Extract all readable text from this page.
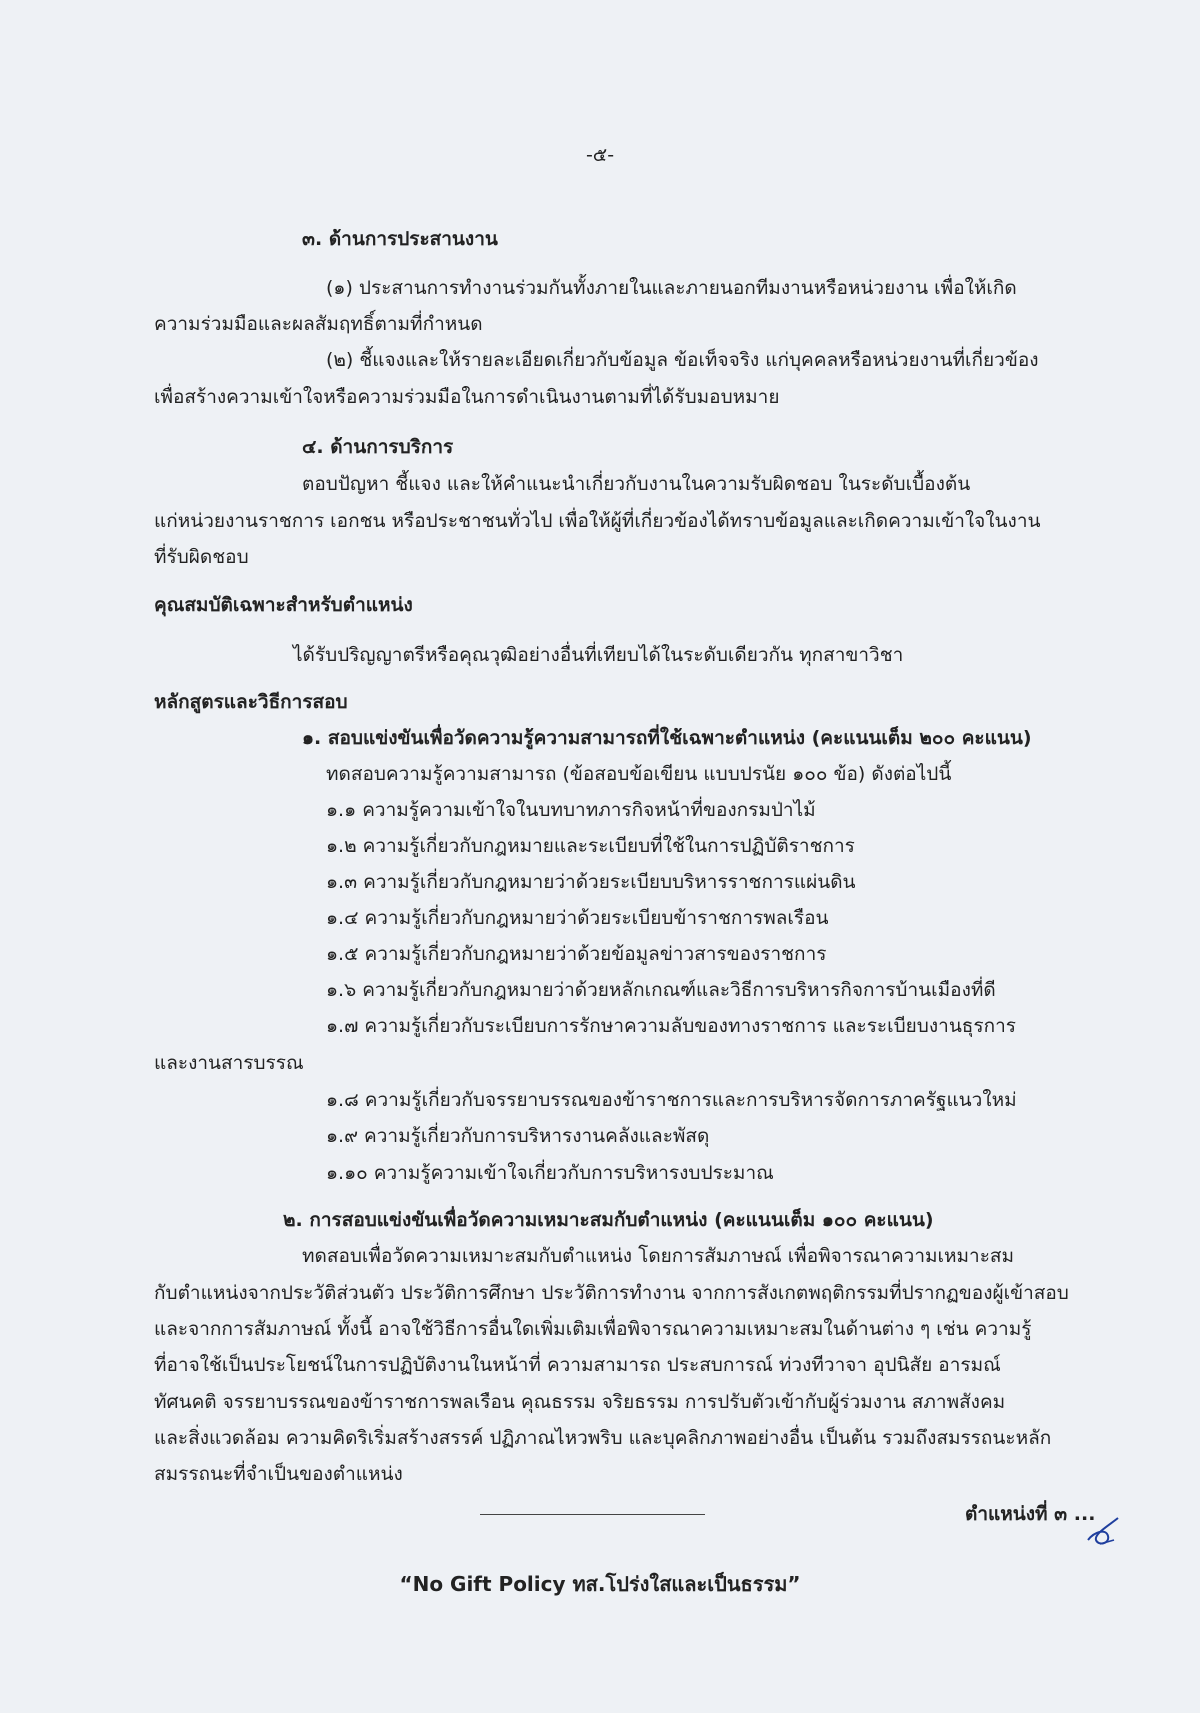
-๕-
๓. ด้านการประสานงาน
(๑) ประสานการทำงานร่วมกันทั้งภายในและภายนอกทีมงานหรือหน่วยงาน เพื่อให้เกิด
ความร่วมมือและผลสัมฤทธิ์ตามที่กำหนด
(๒) ชี้แจงและให้รายละเอียดเกี่ยวกับข้อมูล ข้อเท็จจริง แก่บุคคลหรือหน่วยงานที่เกี่ยวข้อง
เพื่อสร้างความเข้าใจหรือความร่วมมือในการดำเนินงานตามที่ได้รับมอบหมาย
๔. ด้านการบริการ
ตอบปัญหา ชี้แจง และให้คำแนะนำเกี่ยวกับงานในความรับผิดชอบ ในระดับเบื้องต้น
แก่หน่วยงานราชการ เอกชน หรือประชาชนทั่วไป เพื่อให้ผู้ที่เกี่ยวข้องได้ทราบข้อมูลและเกิดความเข้าใจในงาน
ที่รับผิดชอบ
คุณสมบัติเฉพาะสำหรับตำแหน่ง
ได้รับปริญญาตรีหรือคุณวุฒิอย่างอื่นที่เทียบได้ในระดับเดียวกัน ทุกสาขาวิชา
หลักสูตรและวิธีการสอบ
๑. สอบแข่งขันเพื่อวัดความรู้ความสามารถที่ใช้เฉพาะตำแหน่ง (คะแนนเต็ม ๒๐๐ คะแนน)
ทดสอบความรู้ความสามารถ (ข้อสอบข้อเขียน แบบปรนัย ๑๐๐ ข้อ) ดังต่อไปนี้
๑.๑ ความรู้ความเข้าใจในบทบาทภารกิจหน้าที่ของกรมป่าไม้
๑.๒ ความรู้เกี่ยวกับกฎหมายและระเบียบที่ใช้ในการปฏิบัติราชการ
๑.๓ ความรู้เกี่ยวกับกฎหมายว่าด้วยระเบียบบริหารราชการแผ่นดิน
๑.๔ ความรู้เกี่ยวกับกฎหมายว่าด้วยระเบียบข้าราชการพลเรือน
๑.๕ ความรู้เกี่ยวกับกฎหมายว่าด้วยข้อมูลข่าวสารของราชการ
๑.๖ ความรู้เกี่ยวกับกฎหมายว่าด้วยหลักเกณฑ์และวิธีการบริหารกิจการบ้านเมืองที่ดี
๑.๗ ความรู้เกี่ยวกับระเบียบการรักษาความลับของทางราชการ และระเบียบงานธุรการ
และงานสารบรรณ
๑.๘ ความรู้เกี่ยวกับจรรยาบรรณของข้าราชการและการบริหารจัดการภาครัฐแนวใหม่
๑.๙ ความรู้เกี่ยวกับการบริหารงานคลังและพัสดุ
๑.๑๐ ความรู้ความเข้าใจเกี่ยวกับการบริหารงบประมาณ
๒. การสอบแข่งขันเพื่อวัดความเหมาะสมกับตำแหน่ง (คะแนนเต็ม ๑๐๐ คะแนน)
ทดสอบเพื่อวัดความเหมาะสมกับตำแหน่ง โดยการสัมภาษณ์ เพื่อพิจารณาความเหมาะสม
กับตำแหน่งจากประวัติส่วนตัว ประวัติการศึกษา ประวัติการทำงาน จากการสังเกตพฤติกรรมที่ปรากฏของผู้เข้าสอบ
และจากการสัมภาษณ์ ทั้งนี้ อาจใช้วิธีการอื่นใดเพิ่มเติมเพื่อพิจารณาความเหมาะสมในด้านต่าง ๆ เช่น ความรู้
ที่อาจใช้เป็นประโยชน์ในการปฏิบัติงานในหน้าที่ ความสามารถ ประสบการณ์ ท่วงทีวาจา อุปนิสัย อารมณ์
ทัศนคติ จรรยาบรรณของข้าราชการพลเรือน คุณธรรม จริยธรรม การปรับตัวเข้ากับผู้ร่วมงาน สภาพสังคม
และสิ่งแวดล้อม ความคิดริเริ่มสร้างสรรค์ ปฏิภาณไหวพริบ และบุคลิกภาพอย่างอื่น เป็นต้น รวมถึงสมรรถนะหลัก
สมรรถนะที่จำเป็นของตำแหน่ง
ตำแหน่งที่ ๓ ...
“No Gift Policy ทส.โปร่งใสและเป็นธรรม”
